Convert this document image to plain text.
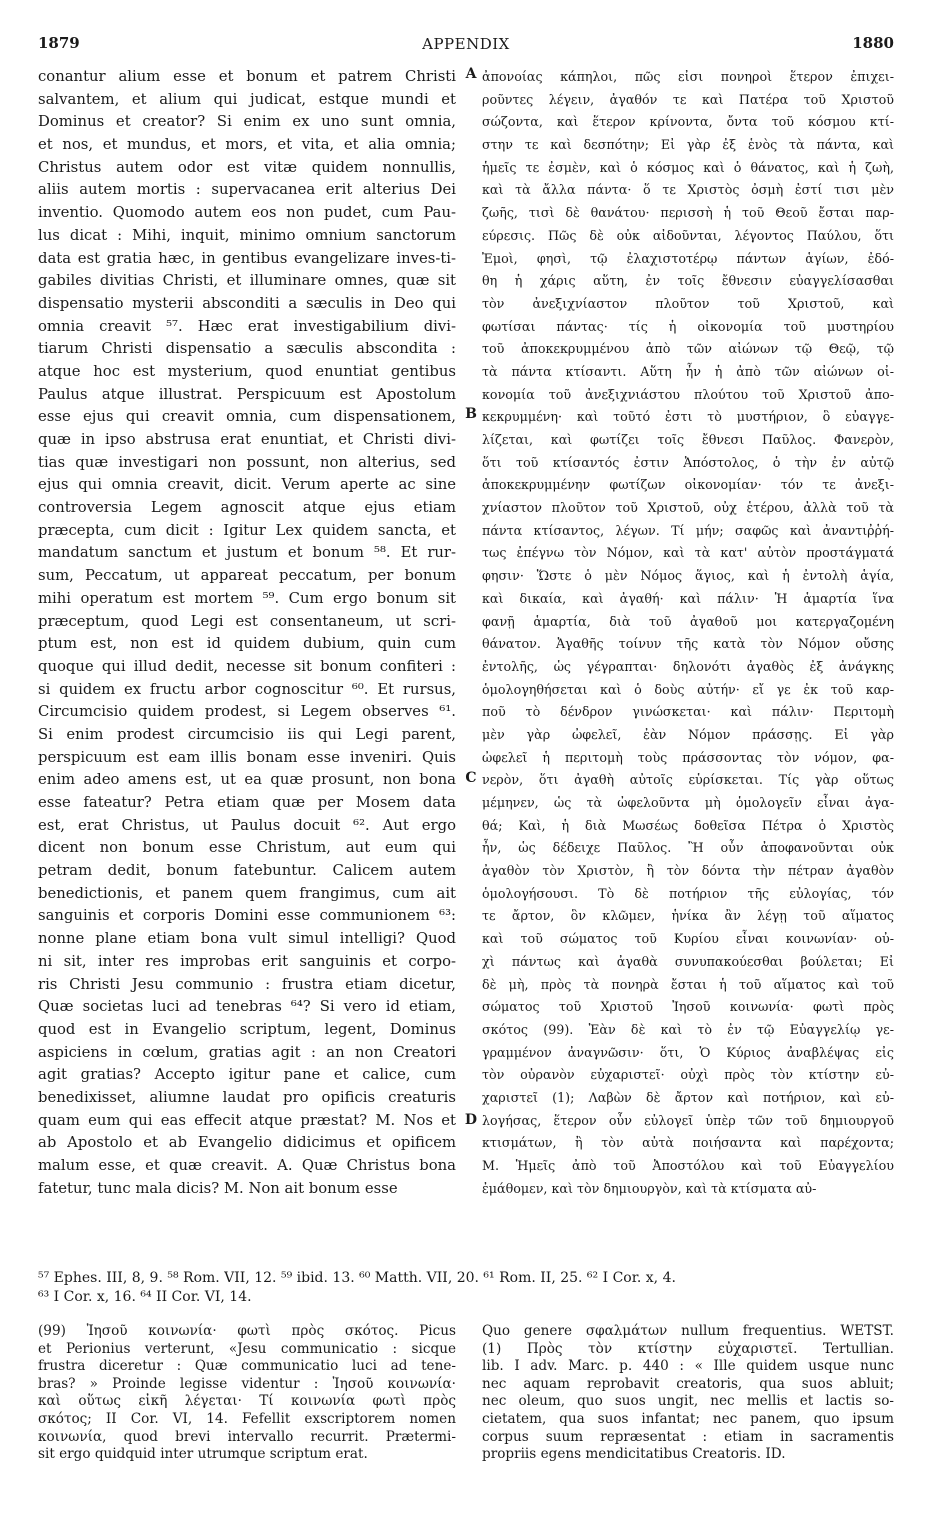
1879	APPENDIX	1880
conantur alium esse et bonum et patrem Christi
salvantem, et alium qui judicat, estque mundi et
Dominus et creator? Si enim ex uno sunt omnia,
et nos, et mundus, et mors, et vita, et alia omnia;
Christus autem odor est vitæ quidem nonnullis,
aliis autem mortis : supervacanea erit alterius Dei
inventio. Quomodo autem eos non pudet, cum Pau-
lus dicat : Mihi, inquit, minimo omnium sanctorum
data est gratia hæc, in gentibus evangelizare inves-ti-
gabiles divitias Christi, et illuminare omnes, quæ sit
dispensatio mysterii absconditi a sæculis in Deo qui
omnia creavit ⁵⁷. Hæc erat investigabilium divi-
tiarum Christi dispensatio a sæculis abscondita :
atque hoc est mysterium, quod enuntiat gentibus
Paulus atque illustrat. Perspicuum est Apostolum
esse ejus qui creavit omnia, cum dispensationem,
quæ in ipso abstrusa erat enuntiat, et Christi divi-
tias quæ investigari non possunt, non alterius, sed
ejus qui omnia creavit, dicit. Verum aperte ac sine
controversia Legem agnoscit atque ejus etiam
præcepta, cum dicit : Igitur Lex quidem sancta, et
mandatum sanctum et justum et bonum ⁵⁸. Et rur-
sum, Peccatum, ut appareat peccatum, per bonum
mihi operatum est mortem ⁵⁹. Cum ergo bonum sit
præceptum, quod Legi est consentaneum, ut scri-
ptum est, non est id quidem dubium, quin cum
quoque qui illud dedit, necesse sit bonum confiteri :
si quidem ex fructu arbor cognoscitur ⁶⁰. Et rursus,
Circumcisio quidem prodest, si Legem observes ⁶¹.
Si enim prodest circumcisio iis qui Legi parent,
perspicuum est eam illis bonam esse inveniri. Quis
enim adeo amens est, ut ea quæ prosunt, non bona
esse fateatur? Petra etiam quæ per Mosem data
est, erat Christus, ut Paulus docuit ⁶². Aut ergo
dicent non bonum esse Christum, aut eum qui
petram dedit, bonum fatebuntur. Calicem autem
benedictionis, et panem quem frangimus, cum ait
sanguinis et corporis Domini esse communionem ⁶³:
nonne plane etiam bona vult simul intelligi? Quod
ni sit, inter res improbas erit sanguinis et corpo-
ris Christi Jesu communio : frustra etiam dicetur,
Quæ societas luci ad tenebras ⁶⁴? Si vero id etiam,
quod est in Evangelio scriptum, legent, Dominus
aspiciens in cœlum, gratias agit : an non Creatori
agit gratias? Accepto igitur pane et calice, cum
benedixisset, aliumne laudat pro opificis creaturis
quam eum qui eas effecit atque præstat? M. Nos et
ab Apostolo et ab Evangelio didicimus et opificem
malum esse, et quæ creavit. A. Quæ Christus bona
fatetur, tunc mala dicis? M. Non ait bonum esse
ἀπονοίας κάπηλοι, πῶς εἰσι πονηροὶ ἕτερον ἐπιχει-
ροῦντες λέγειν, ἀγαθόν τε καὶ Πατέρα τοῦ Χριστοῦ
σώζοντα, καὶ ἕτερον κρίνοντα, ὄντα τοῦ κόσμου κτί-
στην τε καὶ δεσπότην; Εἰ γὰρ ἐξ ἑνὸς τὰ πάντα, καὶ
ἡμεῖς τε ἐσμὲν, καὶ ὁ κόσμος καὶ ὁ θάνατος, καὶ ἡ ζωὴ,
καὶ τὰ ἄλλα πάντα· ὅ τε Χριστὸς ὀσμὴ ἐστί τισι μὲν
ζωῆς, τισὶ δὲ θανάτου· περισσὴ ἡ τοῦ Θεοῦ ἔσται παρ-
εύρεσις. Πῶς δὲ οὐκ αἰδοῦνται, λέγοντος Παύλου, ὅτι
Ἐμοὶ, φησὶ, τῷ ἐλαχιστοτέρῳ πάντων ἁγίων, ἐδό-
θη ἡ χάρις αὕτη, ἐν τοῖς ἔθνεσιν εὐαγγελίσασθαι
τὸν ἀνεξιχνίαστον πλοῦτον τοῦ Χριστοῦ, καὶ
φωτίσαι πάντας· τίς ἡ οἰκονομία τοῦ μυστηρίου
τοῦ ἀποκεκρυμμένου ἀπὸ τῶν αἰώνων τῷ Θεῷ, τῷ
τὰ πάντα κτίσαντι. Αὕτη ἦν ἡ ἀπὸ τῶν αἰώνων οἰ-
κονομία τοῦ ἀνεξιχνιάστου πλούτου τοῦ Χριστοῦ ἀπο-
κεκρυμμένη· καὶ τοῦτό ἐστι τὸ μυστήριον, ὃ εὐαγγε-
λίζεται, καὶ φωτίζει τοῖς ἔθνεσι Παῦλος. Φανερὸν,
ὅτι τοῦ κτίσαντός ἐστιν Ἀπόστολος, ὁ τὴν ἐν αὐτῷ
ἀποκεκρυμμένην φωτίζων οἰκονομίαν· τόν τε ἀνεξι-
χνίαστον πλοῦτον τοῦ Χριστοῦ, οὐχ ἑτέρου, ἀλλὰ τοῦ τὰ
πάντα κτίσαντος, λέγων. Τί μήν; σαφῶς καὶ ἀναντιῤῥή-
τως ἐπέγνω τὸν Νόμον, καὶ τὰ κατ' αὐτὸν προστάγματά
φησιν· Ὥστε ὁ μὲν Νόμος ἅγιος, καὶ ἡ ἐντολὴ ἁγία,
καὶ δικαία, καὶ ἀγαθή· καὶ πάλιν· Ἡ ἁμαρτία ἵνα
φανῇ ἁμαρτία, διὰ τοῦ ἀγαθοῦ μοι κατεργαζομένη
θάνατον. Ἀγαθῆς τοίνυν τῆς κατὰ τὸν Νόμον οὔσης
ἐντολῆς, ὡς γέγραπται· δηλονότι ἀγαθὸς ἐξ ἀνάγκης
ὁμολογηθήσεται καὶ ὁ δοὺς αὐτήν· εἴ γε ἐκ τοῦ καρ-
ποῦ τὸ δένδρον γινώσκεται· καὶ πάλιν· Περιτομὴ
μὲν γὰρ ὠφελεῖ, ἐὰν Νόμον πράσσῃς. Εἰ γὰρ
ὠφελεῖ ἡ περιτομὴ τοὺς πράσσοντας τὸν νόμον, φα-
νερὸν, ὅτι ἀγαθὴ αὐτοῖς εὑρίσκεται. Τίς γὰρ οὕτως
μέμηνεν, ὡς τὰ ὠφελοῦντα μὴ ὁμολογεῖν εἶναι ἀγα-
θά; Καὶ, ἡ διὰ Μωσέως δοθεῖσα Πέτρα ὁ Χριστὸς
ἦν, ὡς δέδειχε Παῦλος. Ἢ οὖν ἀποφανοῦνται οὐκ
ἀγαθὸν τὸν Χριστὸν, ἢ τὸν δόντα τὴν πέτραν ἀγαθὸν
ὁμολογήσουσι. Τὸ δὲ ποτήριον τῆς εὐλογίας, τόν
τε ἄρτον, ὃν κλῶμεν, ἡνίκα ἂν λέγῃ τοῦ αἵματος
καὶ τοῦ σώματος τοῦ Κυρίου εἶναι κοινωνίαν· οὐ-
χὶ πάντως καὶ ἀγαθὰ συνυπακούεσθαι βούλεται; Εἰ
δὲ μὴ, πρὸς τὰ πονηρὰ ἔσται ἡ τοῦ αἵματος καὶ τοῦ
σώματος τοῦ Χριστοῦ Ἰησοῦ κοινωνία· φωτὶ πρὸς
σκότος (99). Ἐὰν δὲ καὶ τὸ ἐν τῷ Εὐαγγελίῳ γε-
γραμμένον ἀναγνῶσιν· ὅτι, Ὁ Κύριος ἀναβλέψας εἰς
τὸν οὐρανὸν εὐχαριστεῖ· οὐχὶ πρὸς τὸν κτίστην εὐ-
χαριστεῖ (1); Λαβὼν δὲ ἄρτον καὶ ποτήριον, καὶ εὐ-
λογήσας, ἕτερον οὖν εὐλογεῖ ὑπὲρ τῶν τοῦ δημιουργοῦ
κτισμάτων, ἢ τὸν αὐτὰ ποιήσαντα καὶ παρέχοντα;
Μ. Ἡμεῖς ἀπὸ τοῦ Ἀποστόλου καὶ τοῦ Εὐαγγελίου
ἐμάθομεν, καὶ τὸν δημιουργὸν, καὶ τὰ κτίσματα αὐ-
A
B
C
D
⁵⁷ Ephes. III, 8, 9. ⁵⁸ Rom. VII, 12. ⁵⁹ ibid. 13. ⁶⁰ Matth. VII, 20. ⁶¹ Rom. II, 25. ⁶² I Cor. x, 4.
⁶³ I Cor. x, 16. ⁶⁴ II Cor. VI, 14.
(99) Ἰησοῦ κοινωνία· φωτὶ πρὸς σκότος. Picus
et Perionius verterunt, «Jesu communicatio : sicque
frustra diceretur : Quæ communicatio luci ad tene-
bras? » Proinde legisse videntur : Ἰησοῦ κοινωνία·
καὶ οὕτως εἰκῆ λέγεται· Τί κοινωνία φωτὶ πρὸς
σκότος; II Cor. VI, 14. Fefellit exscriptorem nomen
κοινωνία, quod brevi intervallo recurrit. Prætermi-
sit ergo quidquid inter utrumque scriptum erat.
Quo genere σφαλμάτων nullum frequentius. WETST.
(1) Πρὸς τὸν κτίστην εὐχαριστεῖ. Tertullian.
lib. I adv. Marc. p. 440 : « Ille quidem usque nunc
nec aquam reprobavit creatoris, qua suos abluit;
nec oleum, quo suos ungit, nec mellis et lactis so-
cietatem, qua suos infantat; nec panem, quo ipsum
corpus suum repræsentat : etiam in sacramentis
propriis egens mendicitatibus Creatoris. ID.
